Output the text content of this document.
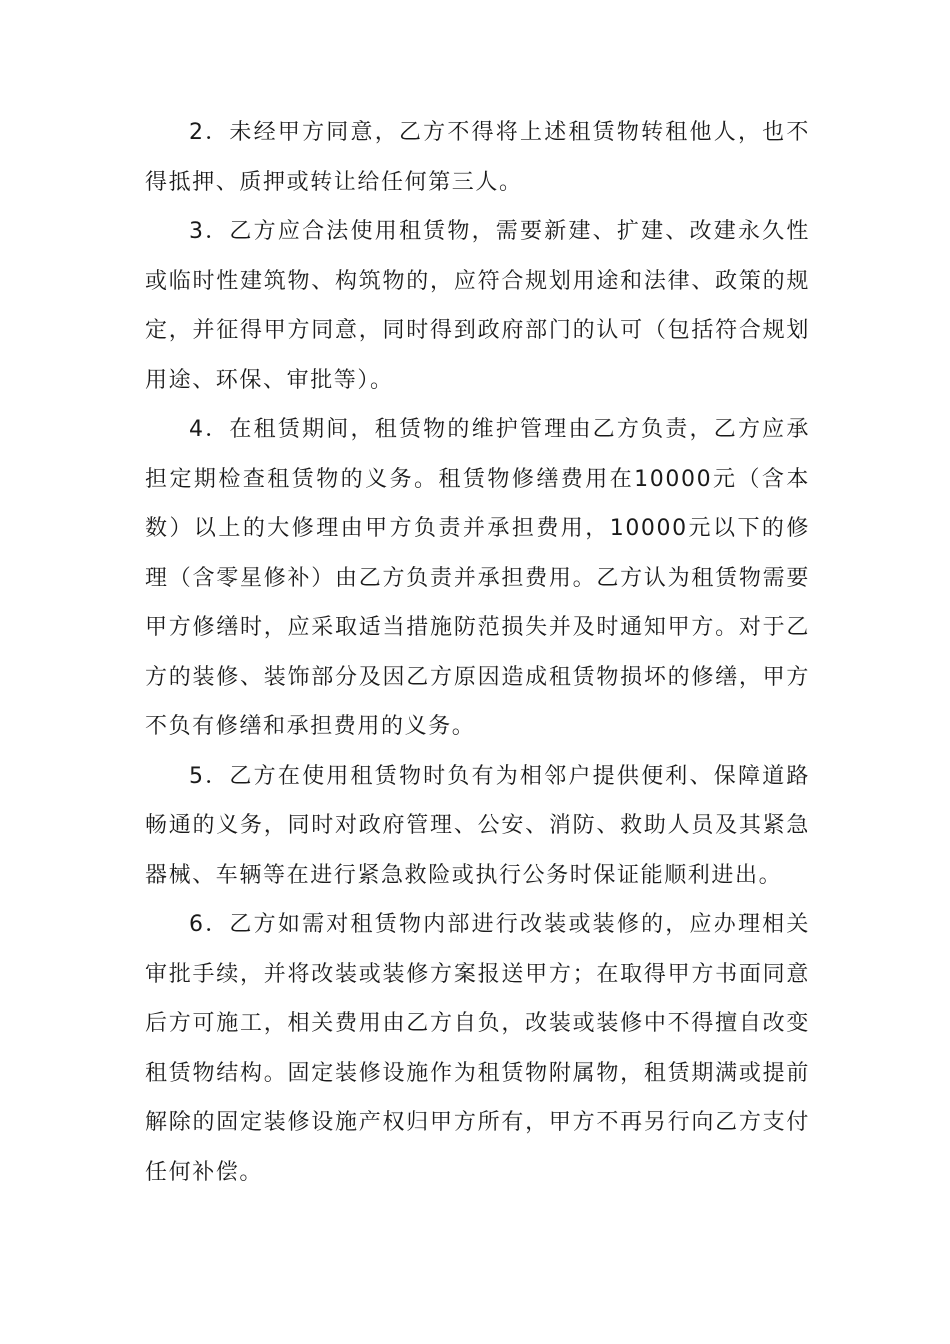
2．未经甲方同意，乙方不得将上述租赁物转租他人，也不得抵押、质押或转让给任何第三人。

3．乙方应合法使用租赁物，需要新建、扩建、改建永久性或临时性建筑物、构筑物的，应符合规划用途和法律、政策的规定，并征得甲方同意，同时得到政府部门的认可（包括符合规划用途、环保、审批等）。

4．在租赁期间，租赁物的维护管理由乙方负责，乙方应承担定期检查租赁物的义务。租赁物修缮费用在10000元（含本数）以上的大修理由甲方负责并承担费用，10000元以下的修理（含零星修补）由乙方负责并承担费用。乙方认为租赁物需要甲方修缮时，应采取适当措施防范损失并及时通知甲方。对于乙方的装修、装饰部分及因乙方原因造成租赁物损坏的修缮，甲方不负有修缮和承担费用的义务。

5．乙方在使用租赁物时负有为相邻户提供便利、保障道路畅通的义务，同时对政府管理、公安、消防、救助人员及其紧急器械、车辆等在进行紧急救险或执行公务时保证能顺利进出。

6．乙方如需对租赁物内部进行改装或装修的，应办理相关审批手续，并将改装或装修方案报送甲方；在取得甲方书面同意后方可施工，相关费用由乙方自负，改装或装修中不得擅自改变租赁物结构。固定装修设施作为租赁物附属物，租赁期满或提前解除的固定装修设施产权归甲方所有，甲方不再另行向乙方支付任何补偿。
